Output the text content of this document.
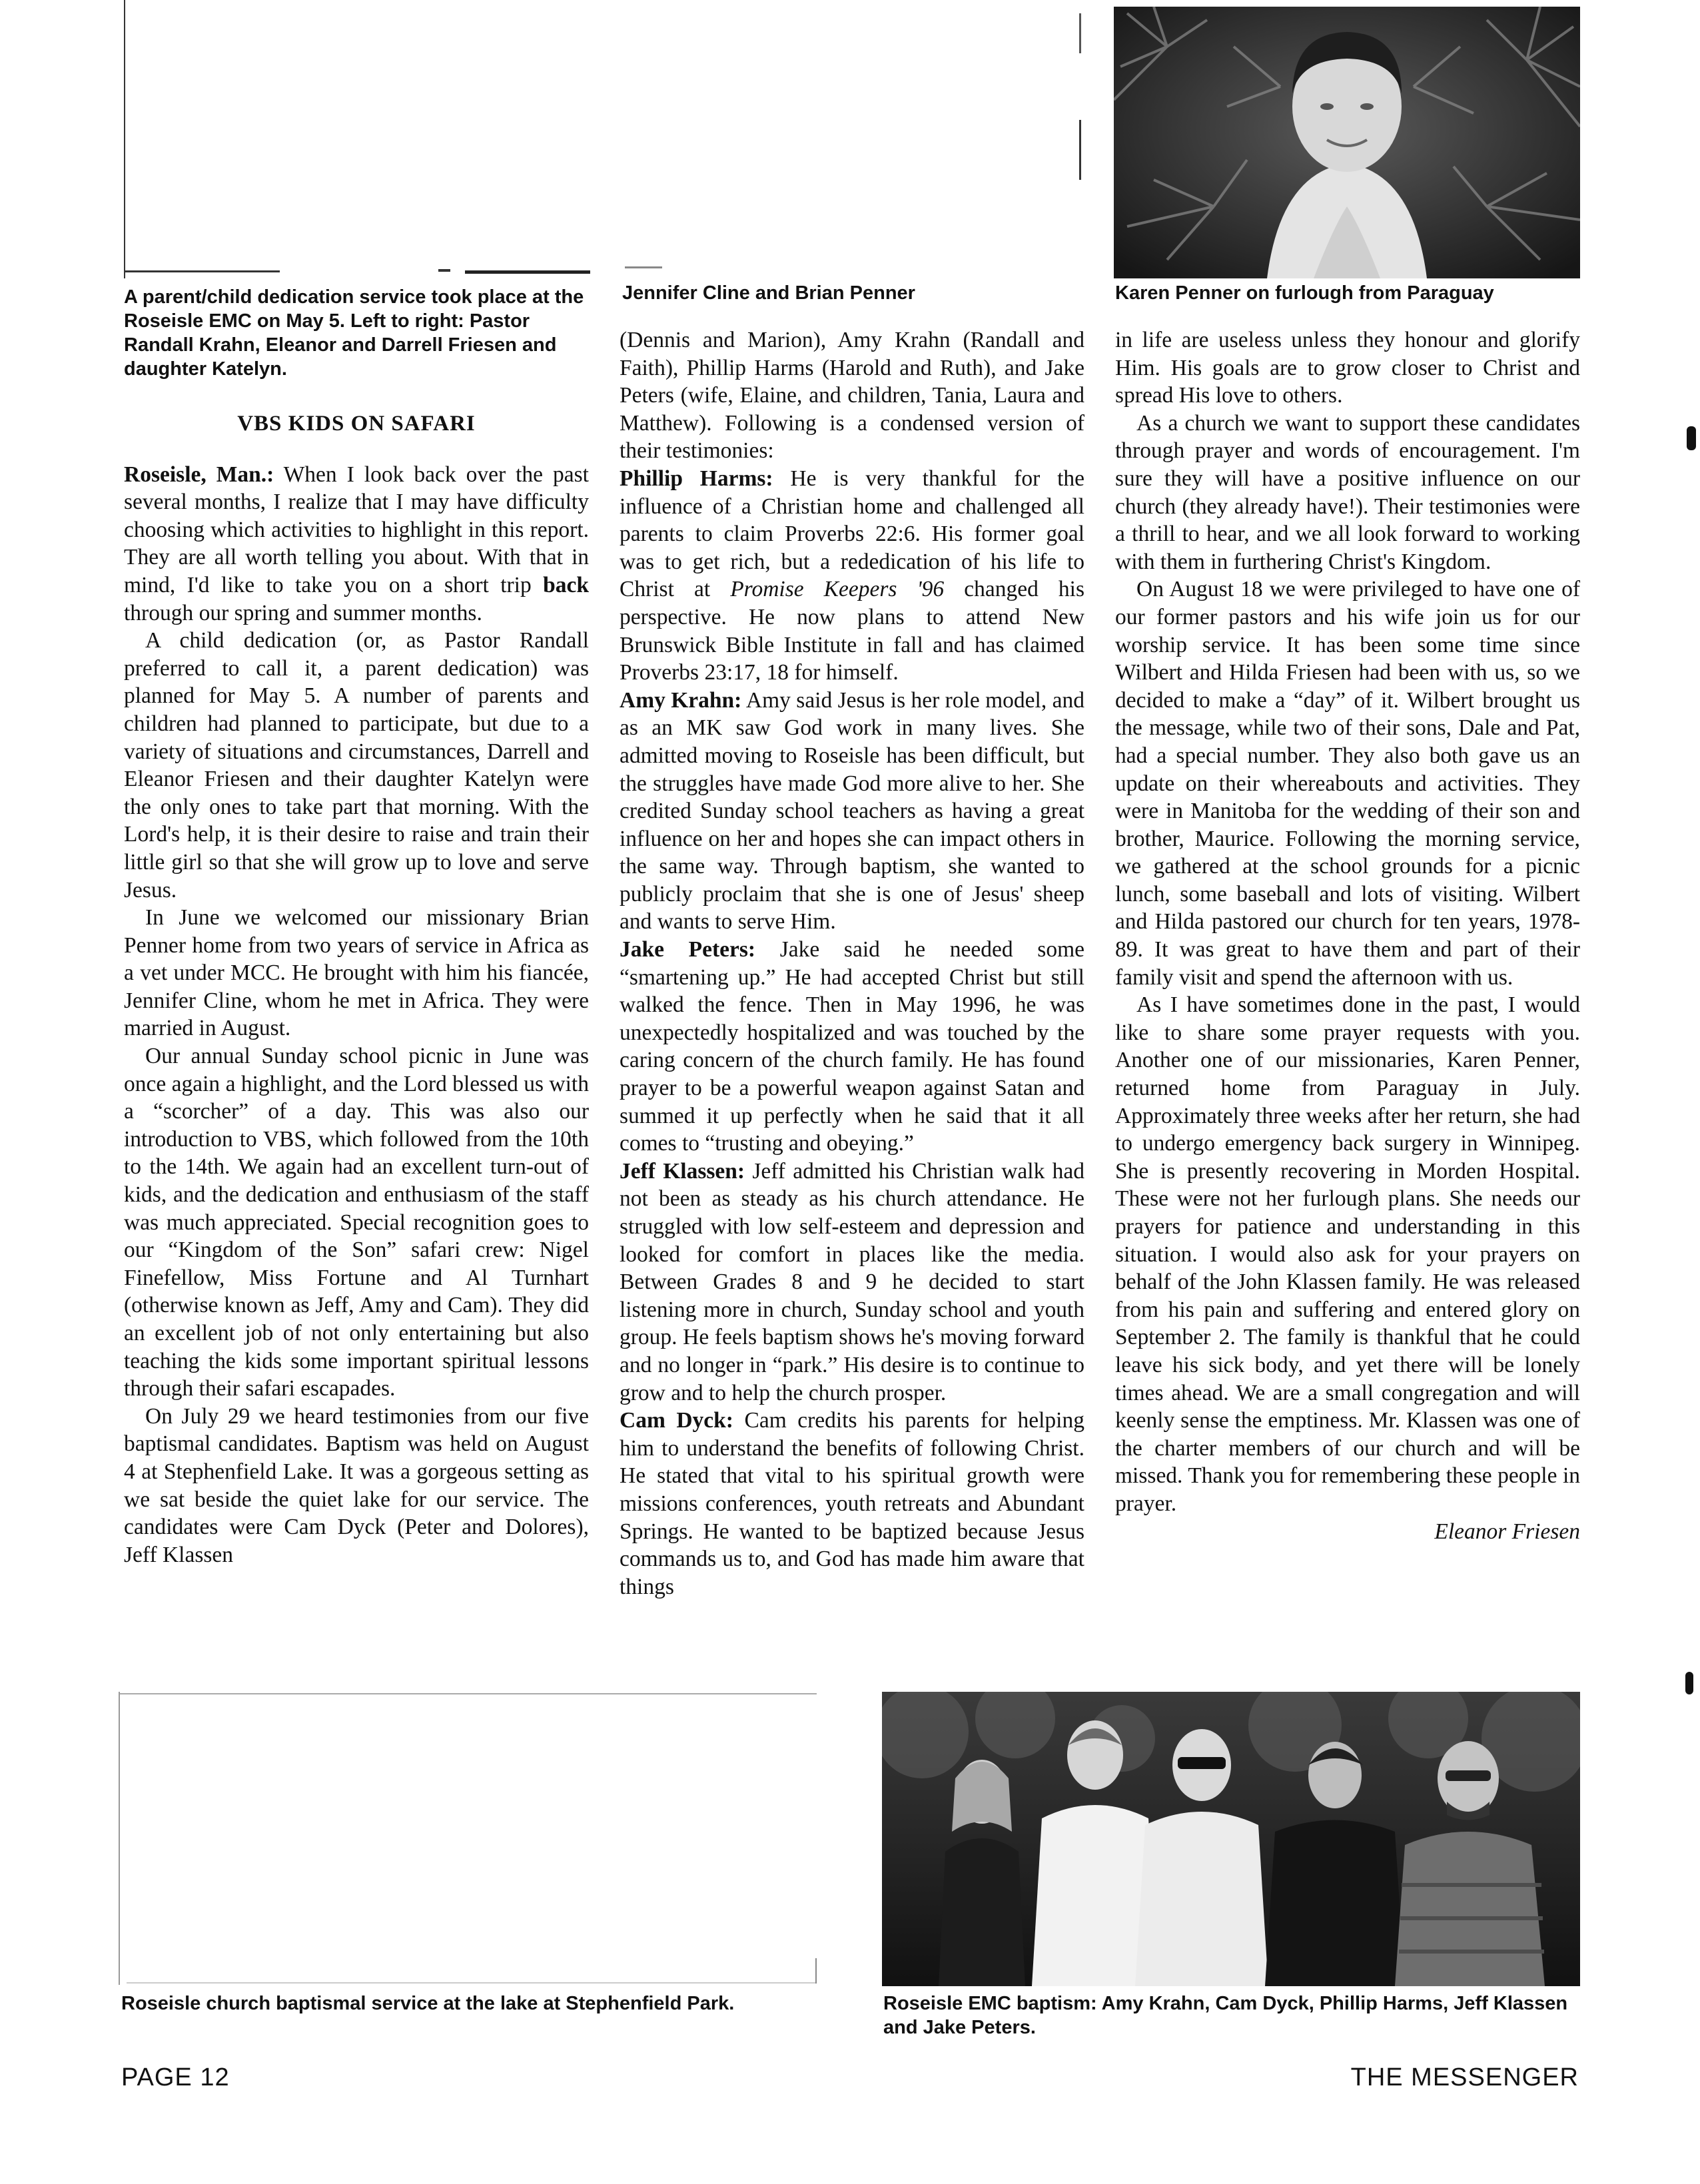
A parent/child dedication service took place at the Roseisle EMC on May 5. Left to right: Pastor Randall Krahn, Eleanor and Darrell Friesen and daughter Katelyn.
Jennifer Cline and Brian Penner	Karen Penner on furlough from Paraguay
VBS KIDS ON SAFARI

Roseisle, Man.: When I look back over the past several months, I realize that I may have difficulty choosing which activities to highlight in this report. They are all worth telling you about. With that in mind, I'd like to take you on a short trip back through our spring and summer months.

A child dedication (or, as Pastor Randall preferred to call it, a parent dedication) was planned for May 5. A number of parents and children had planned to participate, but due to a variety of situations and circumstances, Darrell and Eleanor Friesen and their daughter Katelyn were the only ones to take part that morning. With the Lord's help, it is their desire to raise and train their little girl so that she will grow up to love and serve Jesus.

In June we welcomed our missionary Brian Penner home from two years of service in Africa as a vet under MCC. He brought with him his fiancée, Jennifer Cline, whom he met in Africa. They were married in August.

Our annual Sunday school picnic in June was once again a highlight, and the Lord blessed us with a “scorcher” of a day. This was also our introduction to VBS, which followed from the 10th to the 14th. We again had an excellent turn-out of kids, and the dedication and enthusiasm of the staff was much appreciated. Special recognition goes to our “Kingdom of the Son” safari crew: Nigel Finefellow, Miss Fortune and Al Turnhart (otherwise known as Jeff, Amy and Cam). They did an excellent job of not only entertaining but also teaching the kids some important spiritual lessons through their safari escapades.

On July 29 we heard testimonies from our five baptismal candidates. Baptism was held on August 4 at Stephenfield Lake. It was a gorgeous setting as we sat beside the quiet lake for our service. The candidates were Cam Dyck (Peter and Dolores), Jeff Klassen

(Dennis and Marion), Amy Krahn (Randall and Faith), Phillip Harms (Harold and Ruth), and Jake Peters (wife, Elaine, and children, Tania, Laura and Matthew). Following is a condensed version of their testimonies:

Phillip Harms: He is very thankful for the influence of a Christian home and challenged all parents to claim Proverbs 22:6. His former goal was to get rich, but a rededication of his life to Christ at Promise Keepers '96 changed his perspective. He now plans to attend New Brunswick Bible Institute in fall and has claimed Proverbs 23:17, 18 for himself.

Amy Krahn: Amy said Jesus is her role model, and as an MK saw God work in many lives. She admitted moving to Roseisle has been difficult, but the struggles have made God more alive to her. She credited Sunday school teachers as having a great influence on her and hopes she can impact others in the same way. Through baptism, she wanted to publicly proclaim that she is one of Jesus' sheep and wants to serve Him.

Jake Peters: Jake said he needed some “smartening up.” He had accepted Christ but still walked the fence. Then in May 1996, he was unexpectedly hospitalized and was touched by the caring concern of the church family. He has found prayer to be a powerful weapon against Satan and summed it up perfectly when he said that it all comes to “trusting and obeying.”

Jeff Klassen: Jeff admitted his Christian walk had not been as steady as his church attendance. He struggled with low self-esteem and depression and looked for comfort in places like the media. Between Grades 8 and 9 he decided to start listening more in church, Sunday school and youth group. He feels baptism shows he's moving forward and no longer in “park.” His desire is to continue to grow and to help the church prosper.

Cam Dyck: Cam credits his parents for helping him to understand the benefits of following Christ. He stated that vital to his spiritual growth were missions conferences, youth retreats and Abundant Springs. He wanted to be baptized because Jesus commands us to, and God has made him aware that things

in life are useless unless they honour and glorify Him. His goals are to grow closer to Christ and spread His love to others.

As a church we want to support these candidates through prayer and words of encouragement. I'm sure they will have a positive influence on our church (they already have!). Their testimonies were a thrill to hear, and we all look forward to working with them in furthering Christ's Kingdom.

On August 18 we were privileged to have one of our former pastors and his wife join us for our worship service. It has been some time since Wilbert and Hilda Friesen had been with us, so we decided to make a “day” of it. Wilbert brought us the message, while two of their sons, Dale and Pat, had a special number. They also both gave us an update on their whereabouts and activities. They were in Manitoba for the wedding of their son and brother, Maurice. Following the morning service, we gathered at the school grounds for a picnic lunch, some baseball and lots of visiting. Wilbert and Hilda pastored our church for ten years, 1978-89. It was great to have them and part of their family visit and spend the afternoon with us.

As I have sometimes done in the past, I would like to share some prayer requests with you. Another one of our missionaries, Karen Penner, returned home from Paraguay in July. Approximately three weeks after her return, she had to undergo emergency back surgery in Winnipeg. She is presently recovering in Morden Hospital. These were not her furlough plans. She needs our prayers for patience and understanding in this situation. I would also ask for your prayers on behalf of the John Klassen family. He was released from his pain and suffering and entered glory on September 2. The family is thankful that he could leave his sick body, and yet there will be lonely times ahead. We are a small congregation and will keenly sense the emptiness. Mr. Klassen was one of the charter members of our church and will be missed. Thank you for remembering these people in prayer.

Eleanor Friesen

Roseisle church baptismal service at the lake at Stephenfield Park.	Roseisle EMC baptism: Amy Krahn, Cam Dyck, Phillip Harms, Jeff Klassen and Jake Peters.
PAGE 12	THE MESSENGER
